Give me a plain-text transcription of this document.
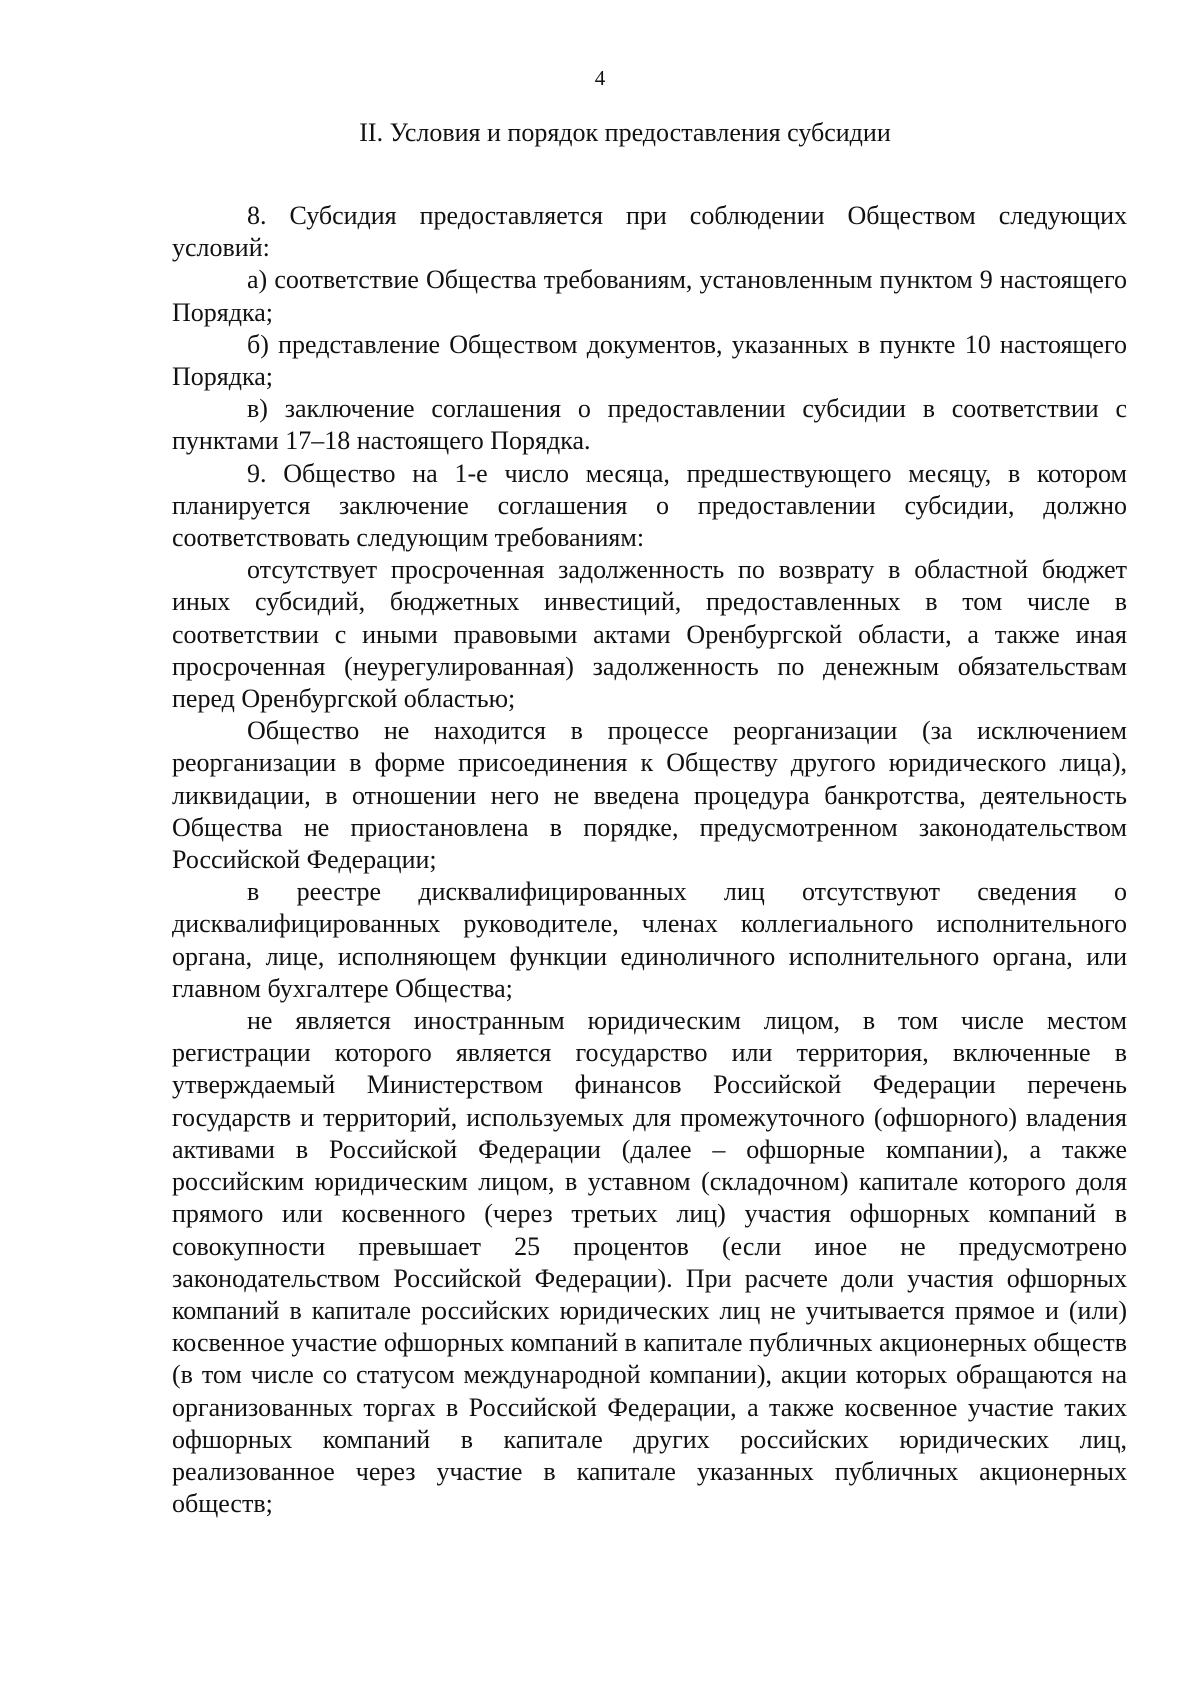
4
II. Условия и порядок предоставления субсидии

8. Субсидия предоставляется при соблюдении Обществом следующих условий:

а) соответствие Общества требованиям, установленным пунктом 9 настоящего Порядка;

б) представление Обществом документов, указанных в пункте 10 настоящего Порядка;

в) заключение соглашения о предоставлении субсидии в соответствии с пунктами 17–18 настоящего Порядка.

9. Общество на 1-е число месяца, предшествующего месяцу, в котором планируется заключение соглашения о предоставлении субсидии, должно соответствовать следующим требованиям:

отсутствует просроченная задолженность по возврату в областной бюджет иных субсидий, бюджетных инвестиций, предоставленных в том числе в соответствии с иными правовыми актами Оренбургской области, а также иная просроченная (неурегулированная) задолженность по денежным обязательствам перед Оренбургской областью;

Общество не находится в процессе реорганизации (за исключением реорганизации в форме присоединения к Обществу другого юридического лица), ликвидации, в отношении него не введена процедура банкротства, деятельность Общества не приостановлена в порядке, предусмотренном законодательством Российской Федерации;

в реестре дисквалифицированных лиц отсутствуют сведения о дисквалифицированных руководителе, членах коллегиального исполнительного органа, лице, исполняющем функции единоличного исполнительного органа, или главном бухгалтере Общества;

не является иностранным юридическим лицом, в том числе местом регистрации которого является государство или территория, включенные в утверждаемый Министерством финансов Российской Федерации перечень государств и территорий, используемых для промежуточного (офшорного) владения активами в Российской Федерации (далее – офшорные компании), а также российским юридическим лицом, в уставном (складочном) капитале которого доля прямого или косвенного (через третьих лиц) участия офшорных компаний в совокупности превышает 25 процентов (если иное не предусмотрено законодательством Российской Федерации). При расчете доли участия офшорных компаний в капитале российских юридических лиц не учитывается прямое и (или) косвенное участие офшорных компаний в капитале публичных акционерных обществ (в том числе со статусом международной компании), акции которых обращаются на организованных торгах в Российской Федерации, а также косвенное участие таких офшорных компаний в капитале других российских юридических лиц, реализованное через участие в капитале указанных публичных акционерных обществ;
